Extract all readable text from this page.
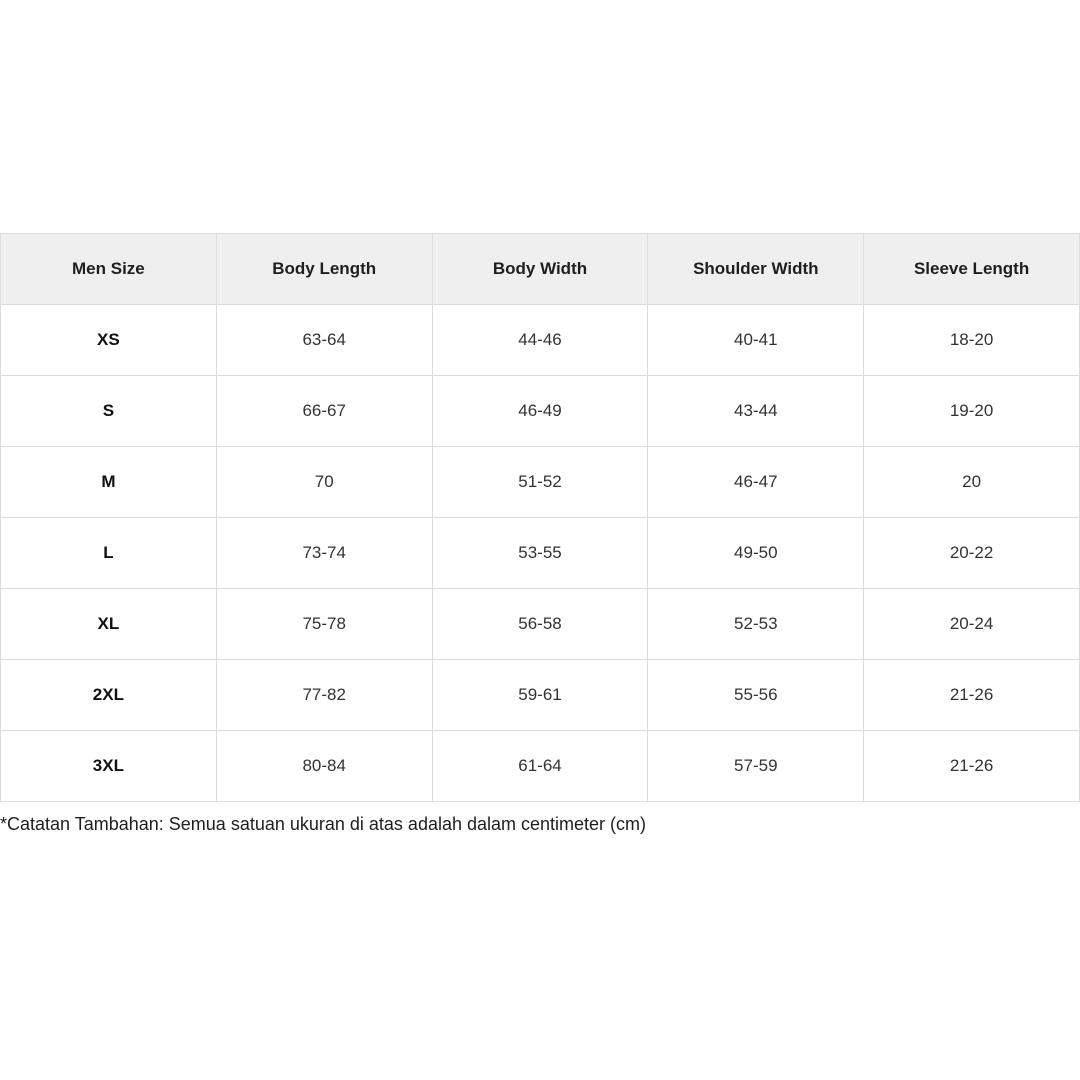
Men Size	Body Length	Body Width	Shoulder Width	Sleeve Length
XS	63-64	44-46	40-41	18-20
S	66-67	46-49	43-44	19-20
M	70	51-52	46-47	20
L	73-74	53-55	49-50	20-22
XL	75-78	56-58	52-53	20-24
2XL	77-82	59-61	55-56	21-26
3XL	80-84	61-64	57-59	21-26
*Catatan Tambahan: Semua satuan ukuran di atas adalah dalam centimeter (cm)
